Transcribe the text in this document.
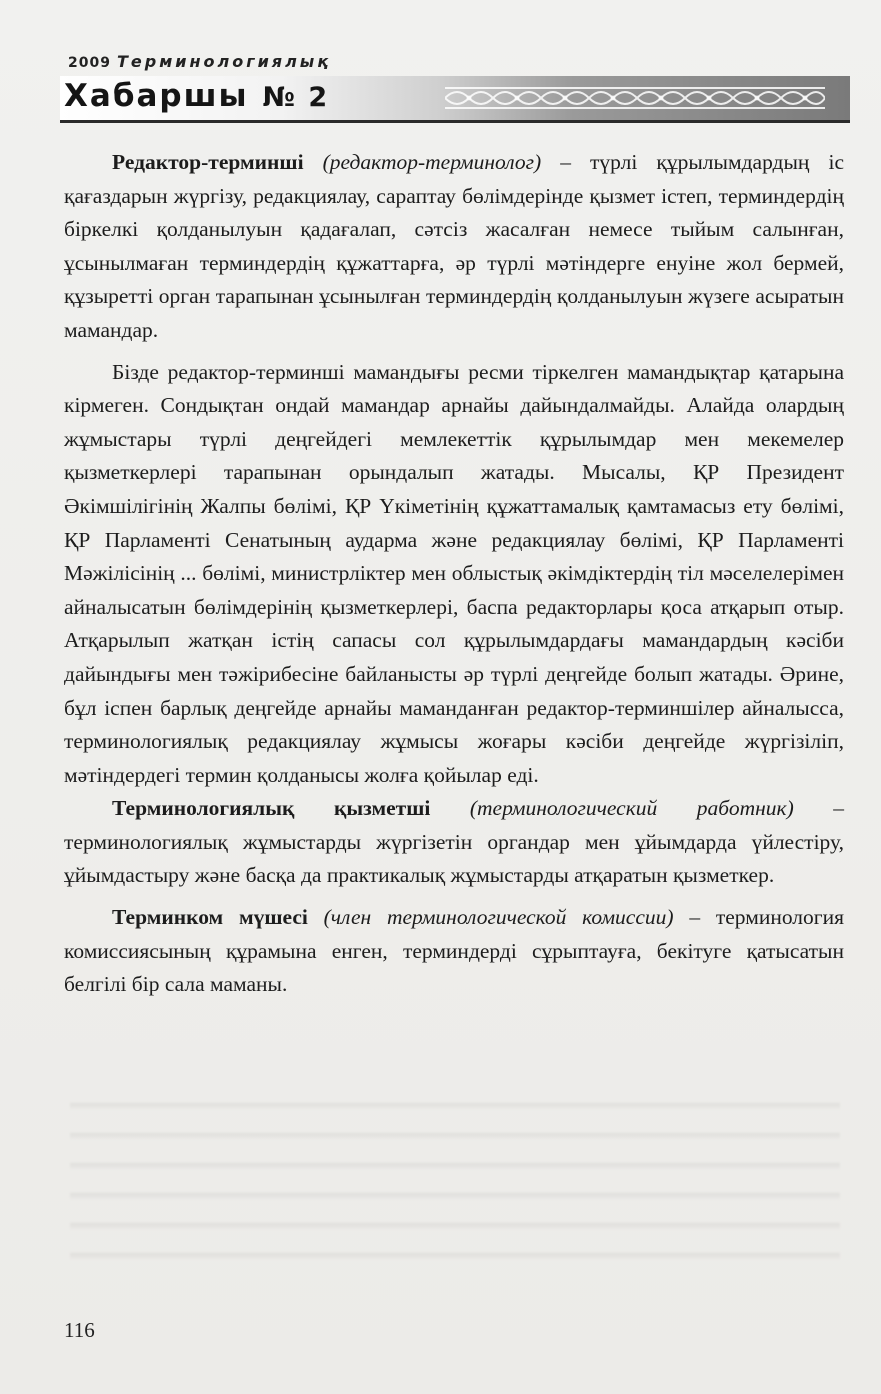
2009 Терминологиялық
Хабаршы № 2

Редактор-терминші (редактор-терминолог) – түрлі құрылымдардың іс қағаздарын жүргізу, редакциялау, сараптау бөлімдерінде қызмет істеп, терминдердің біркелкі қолданылуын қадағалап, сәтсіз жасалған немесе тыйым салынған, ұсынылмаған терминдердің құжаттарға, әр түрлі мәтіндерге енуіне жол бермей, құзыретті орган тарапынан ұсынылған терминдердің қолданылуын жүзеге асыратын мамандар.

Бізде редактор-терминші мамандығы ресми тіркелген мамандықтар қатарына кірмеген. Сондықтан ондай мамандар арнайы дайындалмайды. Алайда олардың жұмыстары түрлі деңгейдегі мемлекеттік құрылымдар мен мекемелер қызметкерлері тарапынан орындалып жатады. Мысалы, ҚР Президент Әкімшілігінің Жалпы бөлімі, ҚР Үкіметінің құжаттамалық қамтамасыз ету бөлімі, ҚР Парламенті Сенатының аударма және редакциялау бөлімі, ҚР Парламенті Мәжілісінің ... бөлімі, министрліктер мен облыстық әкімдіктердің тіл мәселелерімен айналысатын бөлімдерінің қызметкерлері, баспа редакторлары қоса атқарып отыр. Атқарылып жатқан істің сапасы сол құрылымдардағы мамандардың кәсіби дайындығы мен тәжірибесіне байланысты әр түрлі деңгейде болып жатады. Әрине, бұл іспен барлық деңгейде арнайы маманданған редактор-терминшілер айналысса, терминологиялық редакциялау жұмысы жоғары кәсіби деңгейде жүргізіліп, мәтіндердегі термин қолданысы жолға қойылар еді.

Терминологиялық қызметші (терминологический работник) – терминологиялық жұмыстарды жүргізетін органдар мен ұйымдарда үйлестіру, ұйымдастыру және басқа да практикалық жұмыстарды атқаратын қызметкер.

Терминком мүшесі (член терминологической комиссии) – терминология комиссиясының құрамына енген, терминдерді сұрыптауға, бекітуге қатысатын белгілі бір сала маманы.

116
